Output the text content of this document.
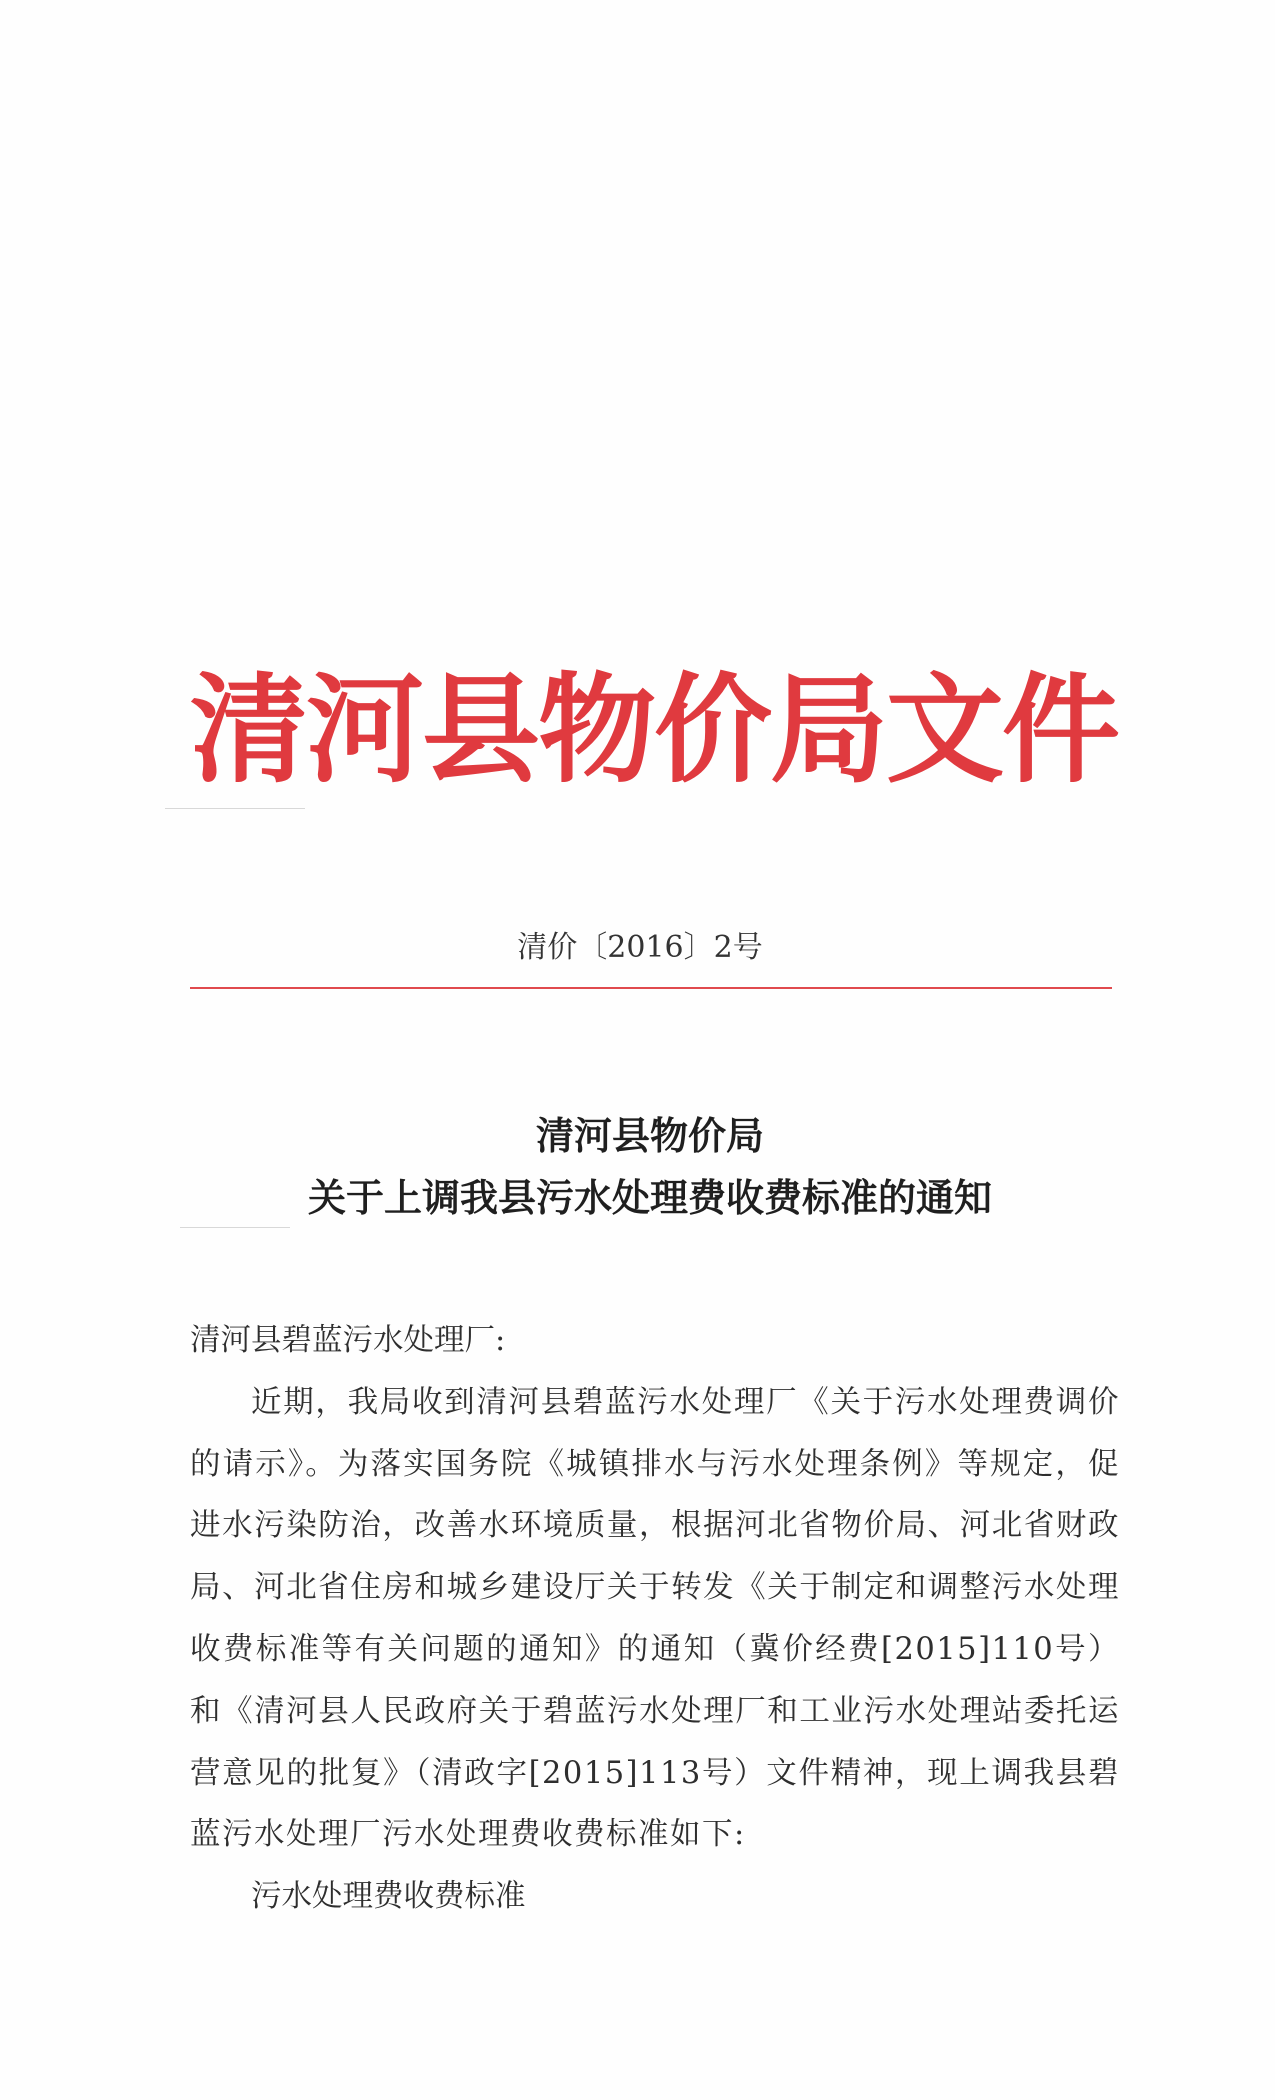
清河县物价局文件
清价〔2016〕2号
清河县物价局
关于上调我县污水处理费收费标准的通知
清河县碧蓝污水处理厂:
近期，我局收到清河县碧蓝污水处理厂《关于污水处理费调价的请示》。为落实国务院《城镇排水与污水处理条例》等规定，促进水污染防治，改善水环境质量，根据河北省物价局、河北省财政局、河北省住房和城乡建设厅关于转发《关于制定和调整污水处理收费标准等有关问题的通知》的通知（冀价经费[2015]110号）和《清河县人民政府关于碧蓝污水处理厂和工业污水处理站委托运营意见的批复》（清政字[2015]113号）文件精神，现上调我县碧蓝污水处理厂污水处理费收费标准如下:
污水处理费收费标准
